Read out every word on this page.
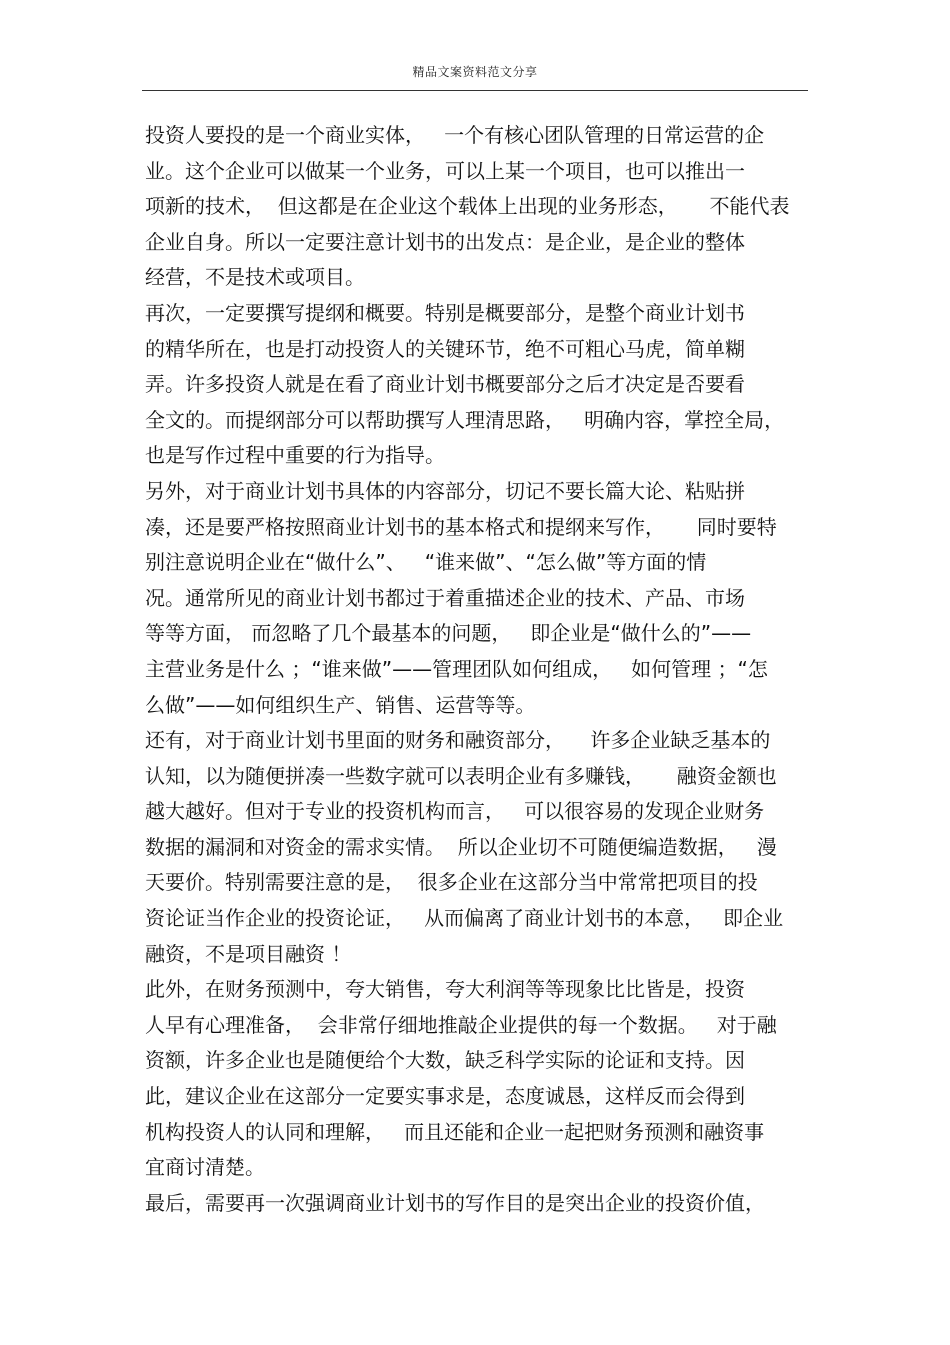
精品文案资料范文分享
投资人要投的是一个商业实体，   一个有核心团队管理的日常运营的企
业。这个企业可以做某一个业务，可以上某一个项目，也可以推出一
项新的技术，  但这都是在企业这个载体上出现的业务形态，     不能代表
企业自身。所以一定要注意计划书的出发点：是企业，是企业的整体
经营，不是技术或项目。
再次，一定要撰写提纲和概要。特别是概要部分，是整个商业计划书
的精华所在，也是打动投资人的关键环节，绝不可粗心马虎，简单糊
弄。许多投资人就是在看了商业计划书概要部分之后才决定是否要看
全文的。而提纲部分可以帮助撰写人理清思路，   明确内容，掌控全局，
也是写作过程中重要的行为指导。
另外，对于商业计划书具体的内容部分，切记不要长篇大论、粘贴拼
凑，还是要严格按照商业计划书的基本格式和提纲来写作，     同时要特
别注意说明企业在“做什么”、   “谁来做”、“怎么做”等方面的情
况。通常所见的商业计划书都过于着重描述企业的技术、产品、市场
等等方面， 而忽略了几个最基本的问题，   即企业是“做什么的”——
主营业务是什么 ；“谁来做”——管理团队如何组成，   如何管理 ；“怎
么做”——如何组织生产、销售、运营等等。
还有，对于商业计划书里面的财务和融资部分，    许多企业缺乏基本的
认知，以为随便拼凑一些数字就可以表明企业有多赚钱，     融资金额也
越大越好。但对于专业的投资机构而言，   可以很容易的发现企业财务
数据的漏洞和对资金的需求实情。  所以企业切不可随便编造数据，   漫
天要价。特别需要注意的是，  很多企业在这部分当中常常把项目的投
资论证当作企业的投资论证，   从而偏离了商业计划书的本意，   即企业
融资，不是项目融资 ！
此外，在财务预测中，夸大销售，夸大利润等等现象比比皆是，投资
人早有心理准备，  会非常仔细地推敲企业提供的每一个数据。   对于融
资额，许多企业也是随便给个大数，缺乏科学实际的论证和支持。因
此，建议企业在这部分一定要实事求是，态度诚恳，这样反而会得到
机构投资人的认同和理解，   而且还能和企业一起把财务预测和融资事
宜商讨清楚。
最后，需要再一次强调商业计划书的写作目的是突出企业的投资价值，
